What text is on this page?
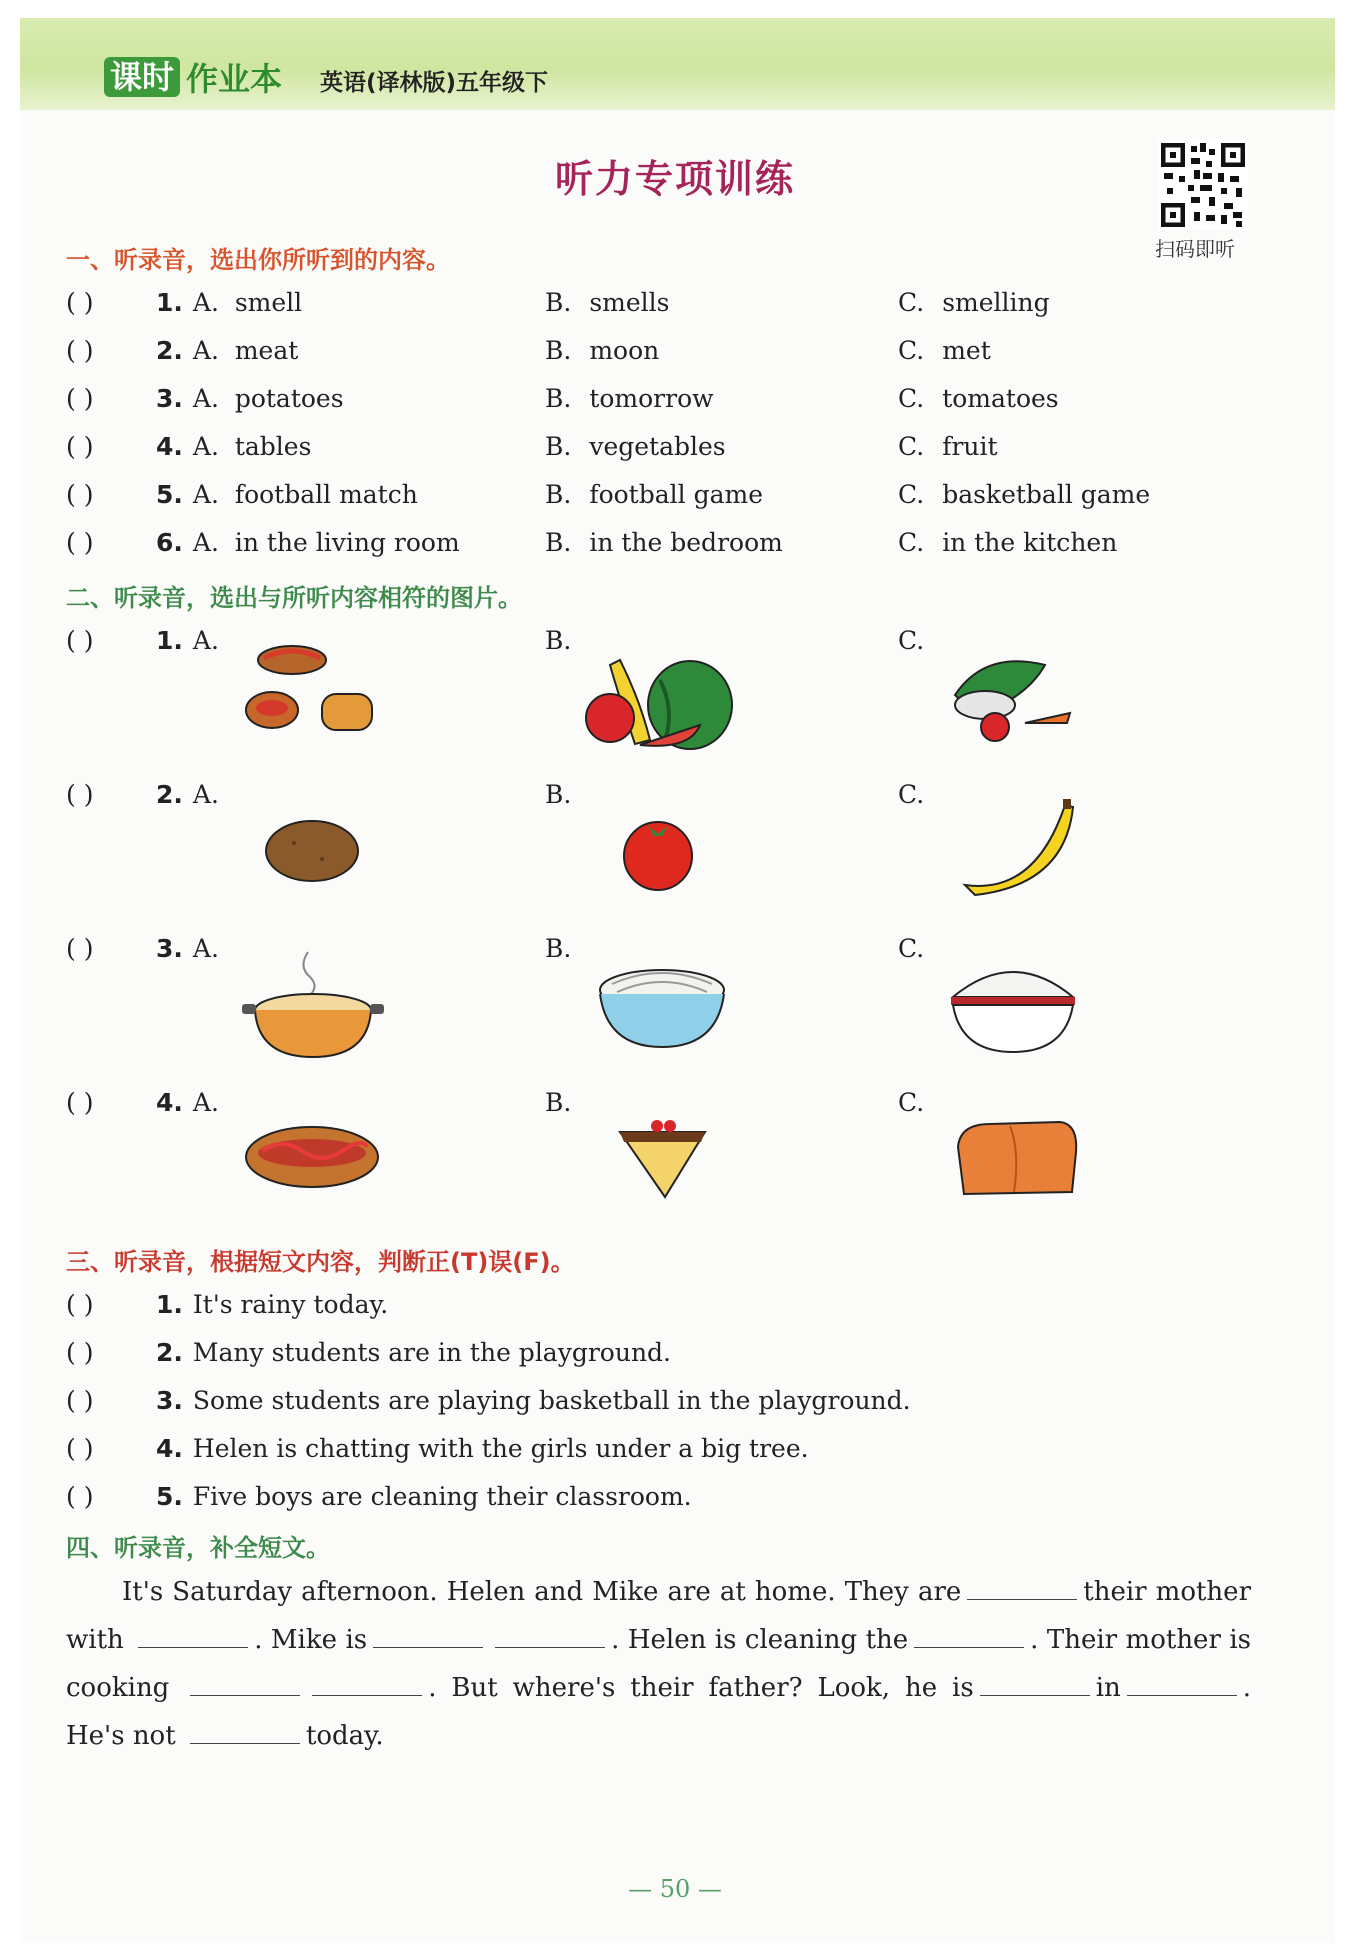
课时 作业本 英语(译林版)五年级下
听力专项训练
扫码即听
一、听录音，选出你所听到的内容。
( )	1. A. smell	B. smells	C. smelling
( )	2. A. meat	B. moon	C. met
( )	3. A. potatoes	B. tomorrow	C. tomatoes
( )	4. A. tables	B. vegetables	C. fruit
( )	5. A. football match	B. football game	C. basketball game
( )	6. A. in the living room	B. in the bedroom	C. in the kitchen
二、听录音，选出与所听内容相符的图片。
( )	1. A.	B.	C.
( )	2. A.	B.	C.
( )	3. A.	B.	C.
( )	4. A.	B.	C.
三、听录音，根据短文内容，判断正(T)误(F)。
( )	1. It's rainy today.
( )	2. Many students are in the playground.
( )	3. Some students are playing basketball in the playground.
( )	4. Helen is chatting with the girls under a big tree.
( )	5. Five boys are cleaning their classroom.
四、听录音，补全短文。
It's Saturday afternoon. Helen and Mike are at home. They are	their mother with	. Mike is	. Helen is cleaning the	. Their mother is cooking	. But where's their father? Look, he is	in	. He's not	today.
— 50 —
